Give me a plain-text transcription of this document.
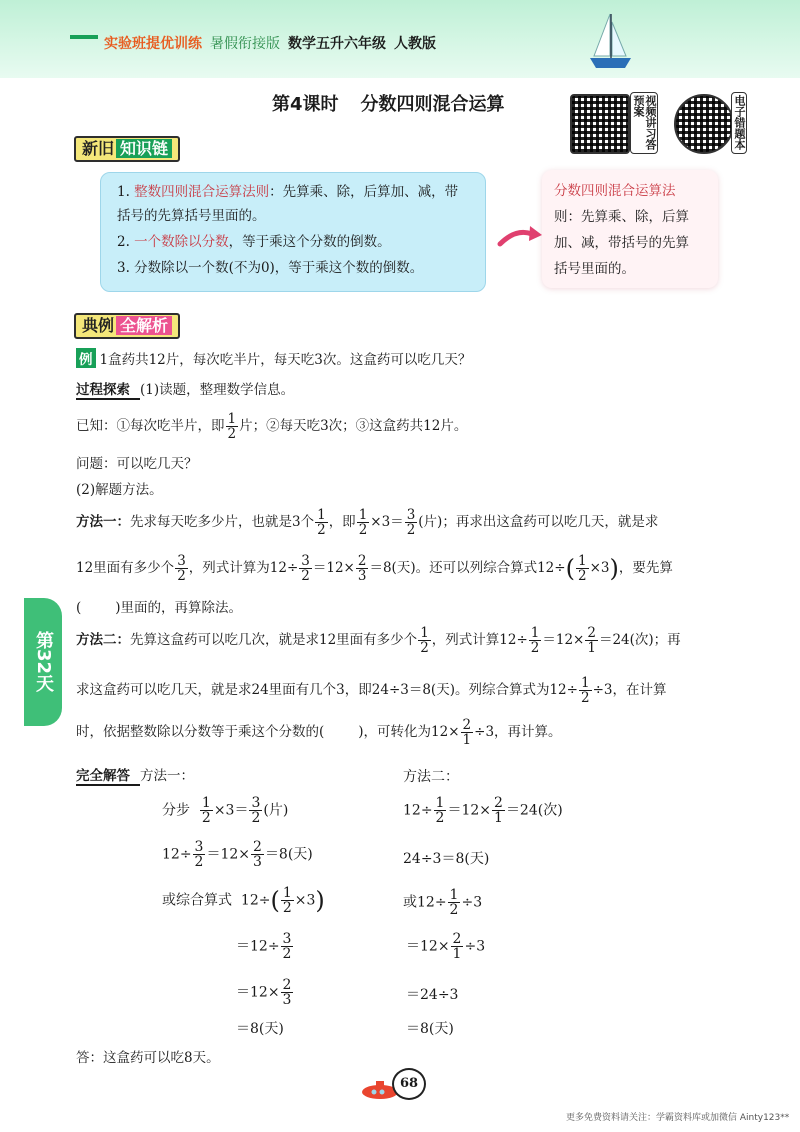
实验班提优训练 暑假衔接版 数学五升六年级 人教版
第4课时 分数四则混合运算	视频讲习答预案	电子错题本
新旧 知识链
1. 整数四则混合运算法则：先算乘、除，后算加、减，带
括号的先算括号里面的。
2. 一个数除以分数，等于乘这个分数的倒数。
3. 分数除以一个数(不为0)，等于乘这个数的倒数。
分数四则混合运算法
则：先算乘、除，后算
加、减，带括号的先算
括号里面的。
典例 全解析
例 1盒药共12片，每次吃半片，每天吃3次。这盒药可以吃几天？
过程探索 (1)读题，整理数学信息。
已知：①每次吃半片，即 $\frac{1}{2}$ 片；②每天吃3次；③这盒药共12片。
问题：可以吃几天？
(2)解题方法。
方法一：先求每天吃多少片，也就是3个 $\frac{1}{2}$ ，即 $\frac{1}{2} \times 3= \frac{3}{2}$ (片)；再求出这盒药可以吃几天，就是求
12里面有多少个 $\frac{3}{2}$ ，列式计算为$12\div \frac{3}{2} =12\times \frac{2}{3} =8$(天)。还可以列综合算式$12\div( \frac{1}{2} \times 3)$，要先算
(	)里面的，再算除法。
方法二：先算这盒药可以吃几次，就是求12里面有多少个 $\frac{1}{2}$ ，列式计算$12\div \frac{1}{2} =12\times \frac{2}{1} =24$(次)；再
求这盒药可以吃几天，就是求24里面有几个3，即24÷3＝8(天)。列综合算式为$12\div \frac{1}{2} \div 3$，在计算
时，依据整数除以分数等于乘这个分数的(	)，可转化为$12\times \frac{2}{1} \div 3$，再计算。
第32天
完全解答 方法一：	方法二：
分步 $\frac{1}{2} \times 3= \frac{3}{2}$ (片)	$12\div \frac{1}{2} =12\times \frac{2}{1} =24$(次)
$12\div \frac{3}{2} =12\times \frac{2}{3} =8$(天)	24÷3＝8(天)
或综合算式 $12\div( \frac{1}{2} \times 3)$	或$12\div \frac{1}{2} \div 3$
$=12\div \frac{3}{2}$	$=12\times \frac{2}{1} \div 3$
$=12\times \frac{2}{3}$	＝24÷3
＝8(天)	＝8(天)
答：这盒药可以吃8天。
68
更多免费资料请关注：学霸资料库或加微信 Ainty123**
